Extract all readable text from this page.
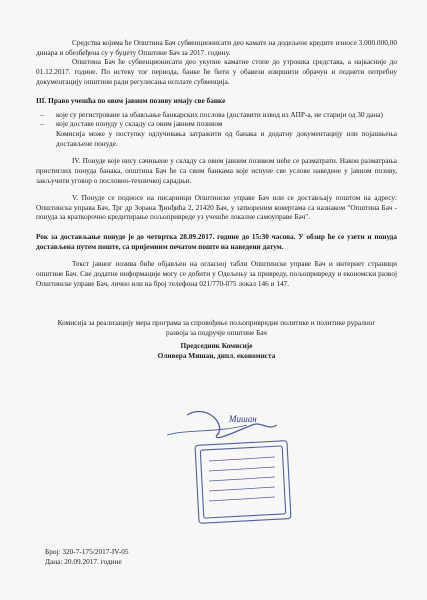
Средства којима ће Општина Бач субвенционисати део камате на додељене кредите износе 3.000.000,00 динара и обезбеђена су у буџету Општине Бач за 2017. годину.

Општина Бач ће субвенционисати део укупне каматне стопе до утрошка средстава, а најкасније до 01.12.2017. године. По истеку тог периода, банке ће бити у обавези извршити обрачун и поднети потребну документацију општини ради регулисања исплате субвенција.

III. Право учешћа по овом јавном позиву имају све банке

– које су регистроване за обављање банкарских послова (доставити извод из АПР-а, не старији од 30 дана)
– које доставе понуду у складу са овим јавним позивом

Комисија може у поступку одлучивања затражити од банака и додатну документацију или појашњења достављене понуде.

IV. Понуде које нису сачињене у складу са овим јавним позивом неће се разматрати. Након разматрања пристиглих понуда банака, општина Бач ће са свим банкама које испуне све услове наведене у јавном позиву, закључити уговор о пословно-техничкој сарадњи.

V. Понуде се подносе на писарници Општинске управе Бач или се достављају поштом на адресу: Општинска управа Бач, Трг др Зорана Ђинђића 2, 21420 Бач, у затвореним ковертама са назнаком "Општина Бач - понуда за краткорочно кредитирање пољопривреде уз учешће локалне самоуправе Бач".

Рок за достављање понуде је до четвртка 28.09.2017. године до 15:30 часова. У обзир ће се узети и понуда достављена путем поште, са пријемним печатом поште на наведени датум.

Текст јавног позива биће објављен на огласној табли Општинске управе Бач и интернет страници општине Бач. Све додатне информације могу се добити у Одељењу за привреду, пољопривреду и економски развој Општинске управе Бач, лично или на број телефона 021/770-075 локал 146 и 147.

Комисија за реализацију мера програма за спровођење пољопривредне политике и политике руралног развоја за подручје општине Бач

Председник Комисије
Оливера Мишан, дипл. економиста
Мишан
Број: 320-7-175/2017-IV-05
Дана: 20.09.2017. године
